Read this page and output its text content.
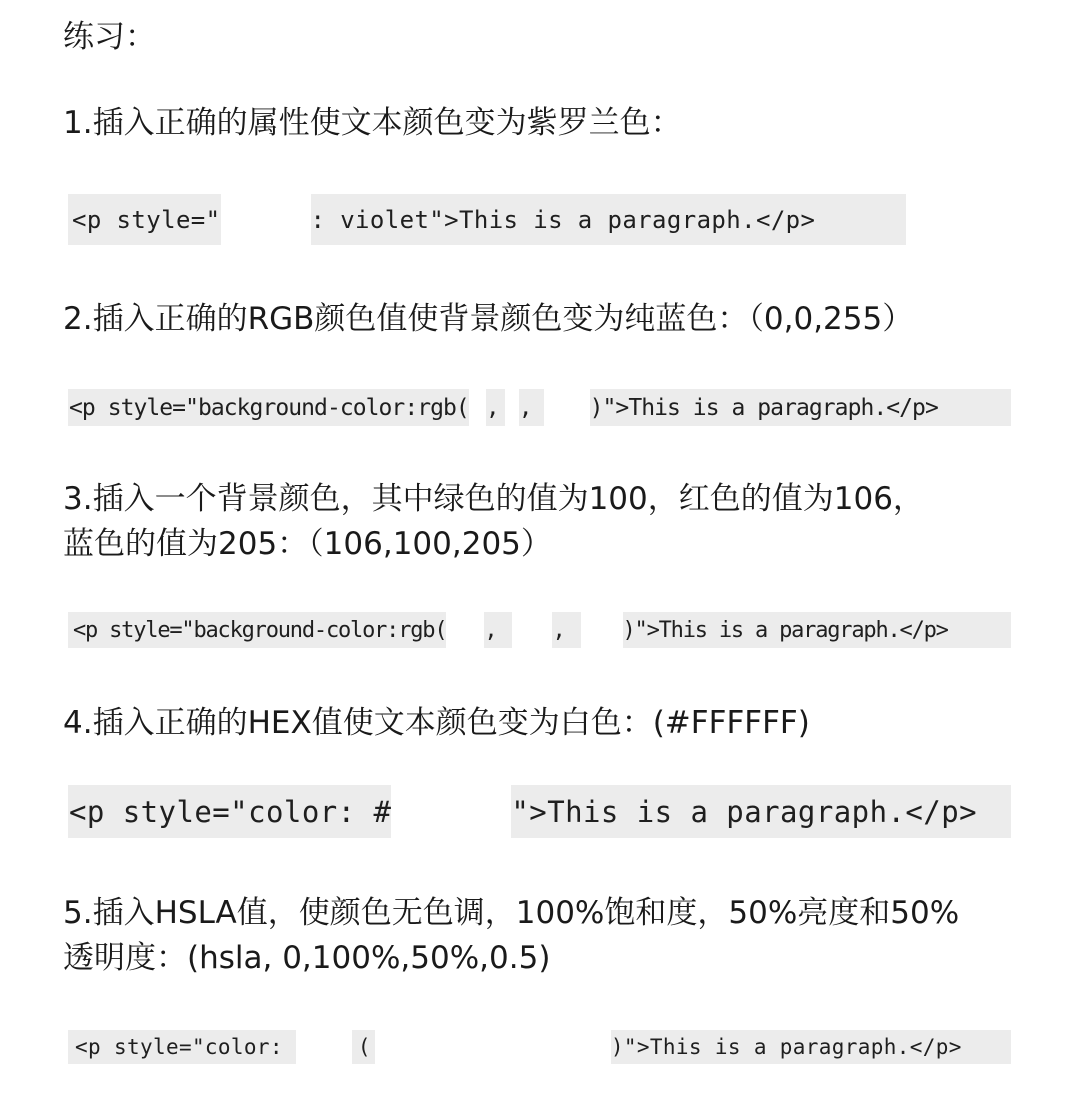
练习：
1.插入正确的属性使文本颜色变为紫罗兰色：
<p style="	: violet">This is a paragraph.</p>
2.插入正确的RGB颜色值使背景颜色变为纯蓝色：（0,0,255）
<p style="background-color:rgb( , ,	)">This is a paragraph.</p>
3.插入一个背景颜色，其中绿色的值为100，红色的值为106，
蓝色的值为205：（106,100,205）
<p style="background-color:rgb( ,	,	)">This is a paragraph.</p>
4.插入正确的HEX值使文本颜色变为白色：(#FFFFFF)
<p style="color: #	">This is a paragraph.</p>
5.插入HSLA值，使颜色无色调，100%饱和度，50%亮度和50%
透明度：(hsla, 0,100%,50%,0.5)
<p style="color:	(	)">This is a paragraph.</p>
